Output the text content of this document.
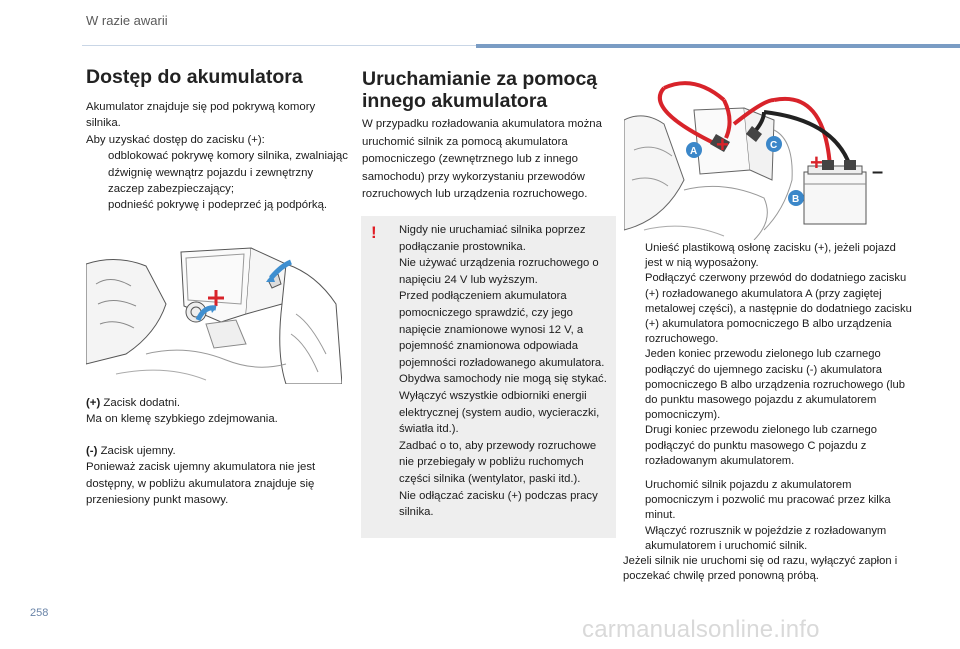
W razie awarii
Dostęp do akumulatora

Akumulator znajduje się pod pokrywą komory silnika.

Aby uzyskać dostęp do zacisku (+):

odblokować pokrywę komory silnika, zwalniając dźwignię wewnątrz pojazdu i zewnętrzny zaczep zabezpieczający;
podnieść pokrywę i podeprzeć ją podpórką.

(+) Zacisk dodatni.

Ma on klemę szybkiego zdejmowania.

(-) Zacisk ujemny.

Ponieważ zacisk ujemny akumulatora nie jest dostępny, w pobliżu akumulatora znajduje się przeniesiony punkt masowy.

Uruchamianie za pomocą innego akumulatora

W przypadku rozładowania akumulatora można uruchomić silnik za pomocą akumulatora pomocniczego (zewnętrznego lub z innego samochodu) przy wykorzystaniu przewodów rozruchowych lub urządzenia rozruchowego.

! Nigdy nie uruchamiać silnika poprzez podłączanie prostownika.
Nie używać urządzenia rozruchowego o napięciu 24 V lub wyższym.
Przed podłączeniem akumulatora pomocniczego sprawdzić, czy jego napięcie znamionowe wynosi 12 V, a pojemność znamionowa odpowiada pojemności rozładowanego akumulatora.
Obydwa samochody nie mogą się stykać.
Wyłączyć wszystkie odbiorniki energii elektrycznej (system audio, wycieraczki, światła itd.).
Zadbać o to, aby przewody rozruchowe nie przebiegały w pobliżu ruchomych części silnika (wentylator, paski itd.).
Nie odłączać zacisku (+) podczas pracy silnika.
+
+ –
A
C
B
Unieść plastikową osłonę zacisku (+), jeżeli pojazd jest w nią wyposażony.
Podłączyć czerwony przewód do dodatniego zacisku (+) rozładowanego akumulatora A (przy zagiętej metalowej części), a następnie do dodatniego zacisku (+) akumulatora pomocniczego B albo urządzenia rozruchowego.
Jeden koniec przewodu zielonego lub czarnego podłączyć do ujemnego zacisku (-) akumulatora pomocniczego B albo urządzenia rozruchowego (lub do punktu masowego pojazdu z akumulatorem pomocniczym).
Drugi koniec przewodu zielonego lub czarnego podłączyć do punktu masowego C pojazdu z rozładowanym akumulatorem.
Uruchomić silnik pojazdu z akumulatorem pomocniczym i pozwolić mu pracować przez kilka minut.
Włączyć rozrusznik w pojeździe z rozładowanym akumulatorem i uruchomić silnik.

Jeżeli silnik nie uruchomi się od razu, wyłączyć zapłon i poczekać chwilę przed ponowną próbą.

258
carmanualsonline.info
